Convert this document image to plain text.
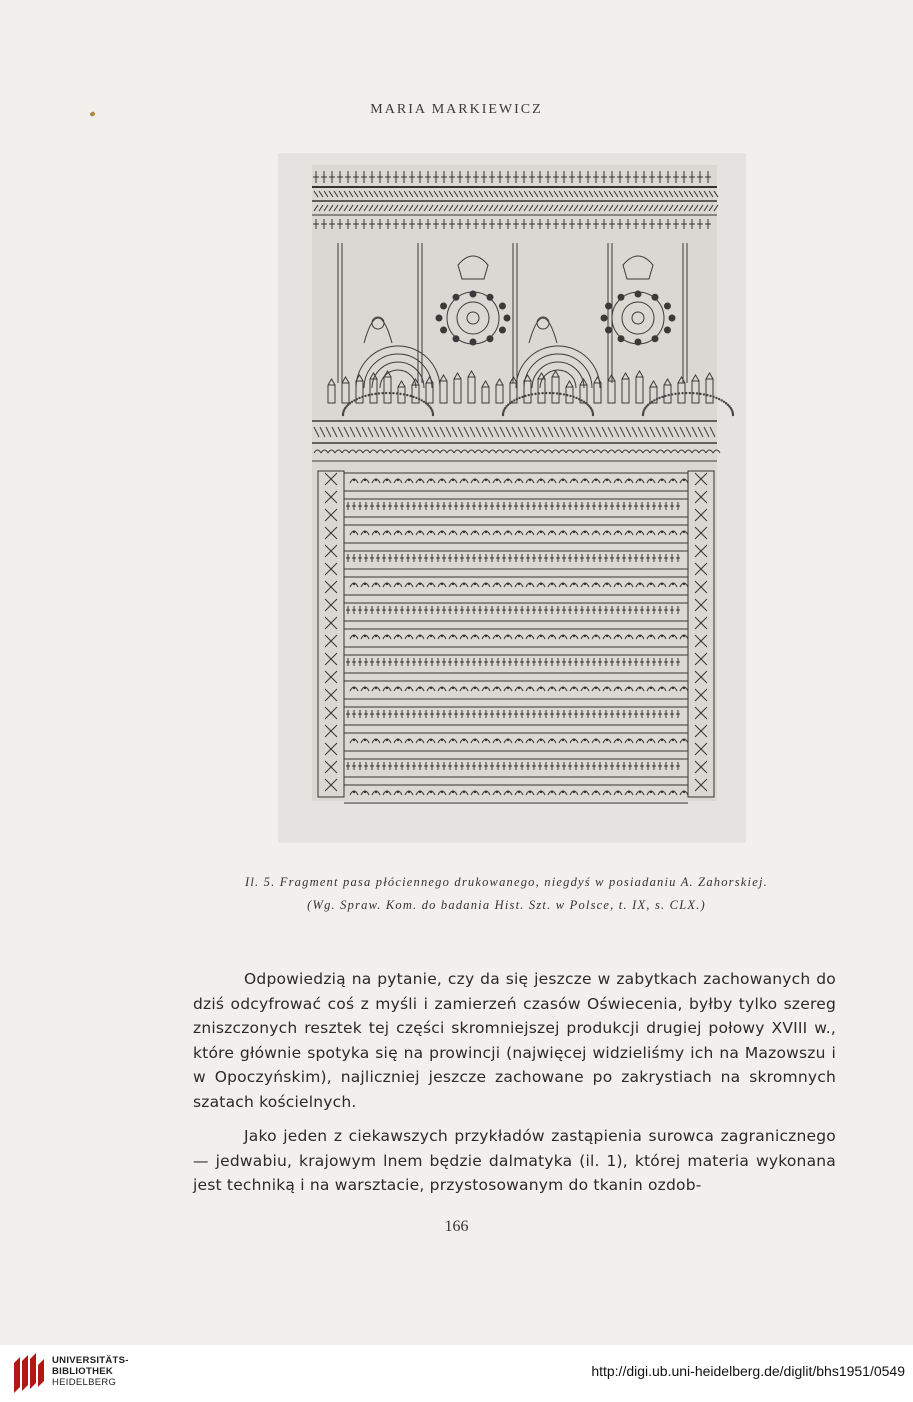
MARIA MARKIEWICZ
Il. 5. Fragment pasa płóciennego drukowanego, niegdyś w posiadaniu A. Zahorskiej.
(Wg. Spraw. Kom. do badania Hist. Szt. w Polsce, t. IX, s. CLX.)

Odpowiedzią na pytanie, czy da się jeszcze w zabytkach zachowanych do dziś odcyfrować coś z myśli i zamierzeń czasów Oświecenia, byłby tylko szereg zniszczonych resztek tej części skromniejszej produkcji drugiej połowy XVIII w., które głównie spotyka się na prowincji (najwięcej widzieliśmy ich na Mazowszu i w Opoczyńskim), najliczniej jeszcze zachowane po zakrystiach na skromnych szatach kościelnych.

Jako jeden z ciekawszych przykładów zastąpienia surowca zagranicznego — jedwabiu, krajowym lnem będzie dalmatyka (il. 1), której materia wykonana jest techniką i na warsztacie, przystosowanym do tkanin ozdob-

166
UNIVERSITÄTS-
BIBLIOTHEK
HEIDELBERG
http://digi.ub.uni-heidelberg.de/diglit/bhs1951/0549
